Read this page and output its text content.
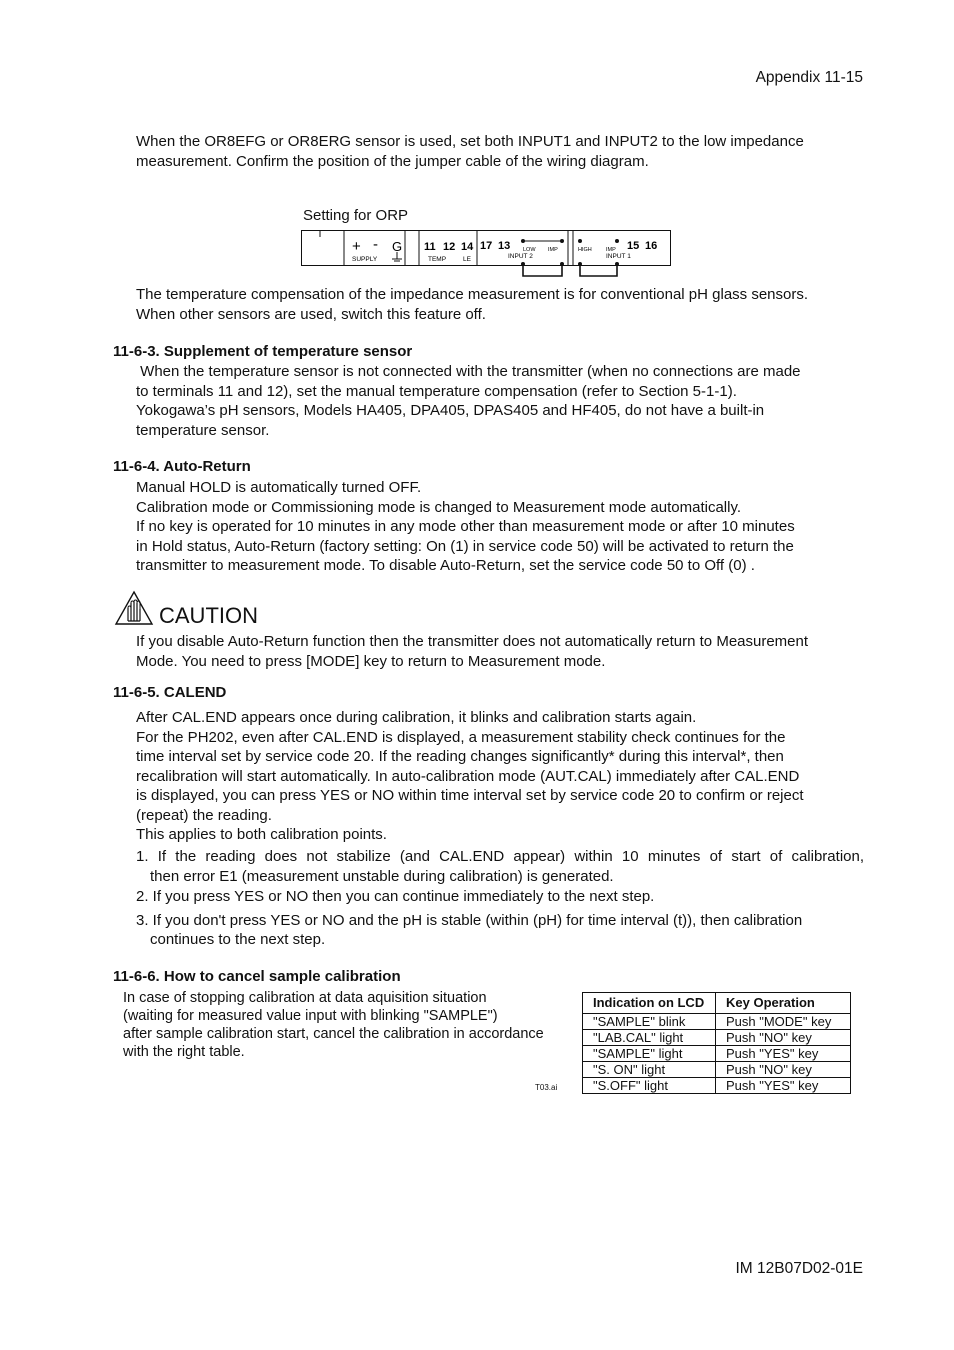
Appendix 11-15
When the OR8EFG or OR8ERG sensor is used, set both INPUT1 and INPUT2 to the low impedance
measurement. Confirm the position of the jumper cable of the wiring diagram.
Setting for ORP
+ - G
SUPPLY
11 12 14
TEMP	LE
17 13 LOW IMP
INPUT 2
HIGH	IMP
INPUT 1
15 16
The temperature compensation of the impedance measurement is for conventional pH glass sensors.
When other sensors are used, switch this feature off.
11-6-3. Supplement of temperature sensor
When the temperature sensor is not connected with the transmitter (when no connections are made
to terminals 11 and 12), set the manual temperature compensation (refer to Section 5-1-1).
Yokogawa’s pH sensors, Models HA405, DPA405, DPAS405 and HF405, do not have a built-in
temperature sensor.
11-6-4. Auto-Return
Manual HOLD is automatically turned OFF.
Calibration mode or Commissioning mode is changed to Measurement mode automatically.
If no key is operated for 10 minutes in any mode other than measurement mode or after 10 minutes
in Hold status, Auto-Return (factory setting: On (1) in service code 50) will be activated to return the
transmitter to measurement mode. To disable Auto-Return, set the service code 50 to Off (0) .
CAUTION
If you disable Auto-Return function then the transmitter does not automatically return to Measurement
Mode. You need to press [MODE] key to return to Measurement mode.
11-6-5. CALEND
After CAL.END appears once during calibration, it blinks and calibration starts again.
For the PH202, even after CAL.END is displayed, a measurement stability check continues for the
time interval set by service code 20. If the reading changes significantly* during this interval*, then
recalibration will start automatically. In auto-calibration mode (AUT.CAL) immediately after CAL.END
is displayed, you can press YES or NO within time interval set by service code 20 to confirm or reject
(repeat) the reading.
This applies to both calibration points.
1. If the reading does not stabilize (and CAL.END appear) within 10 minutes of start of calibration,
then error E1 (measurement unstable during calibration) is generated.
2. If you press YES or NO then you can continue immediately to the next step.
3. If you don't press YES or NO and the pH is stable (within (pH) for time interval (t)), then calibration
continues to the next step.
11-6-6. How to cancel sample calibration
In case of stopping calibration at data aquisition situation
(waiting for measured value input with blinking "SAMPLE")
after sample calibration start, cancel the calibration in accordance
with the right table.
T03.ai
Indication on LCD	Key Operation
"SAMPLE" blink	Push "MODE" key
"LAB.CAL" light	Push "NO" key
"SAMPLE" light	Push "YES" key
"S. ON" light	Push "NO" key
"S.OFF" light	Push "YES" key
IM 12B07D02-01E
